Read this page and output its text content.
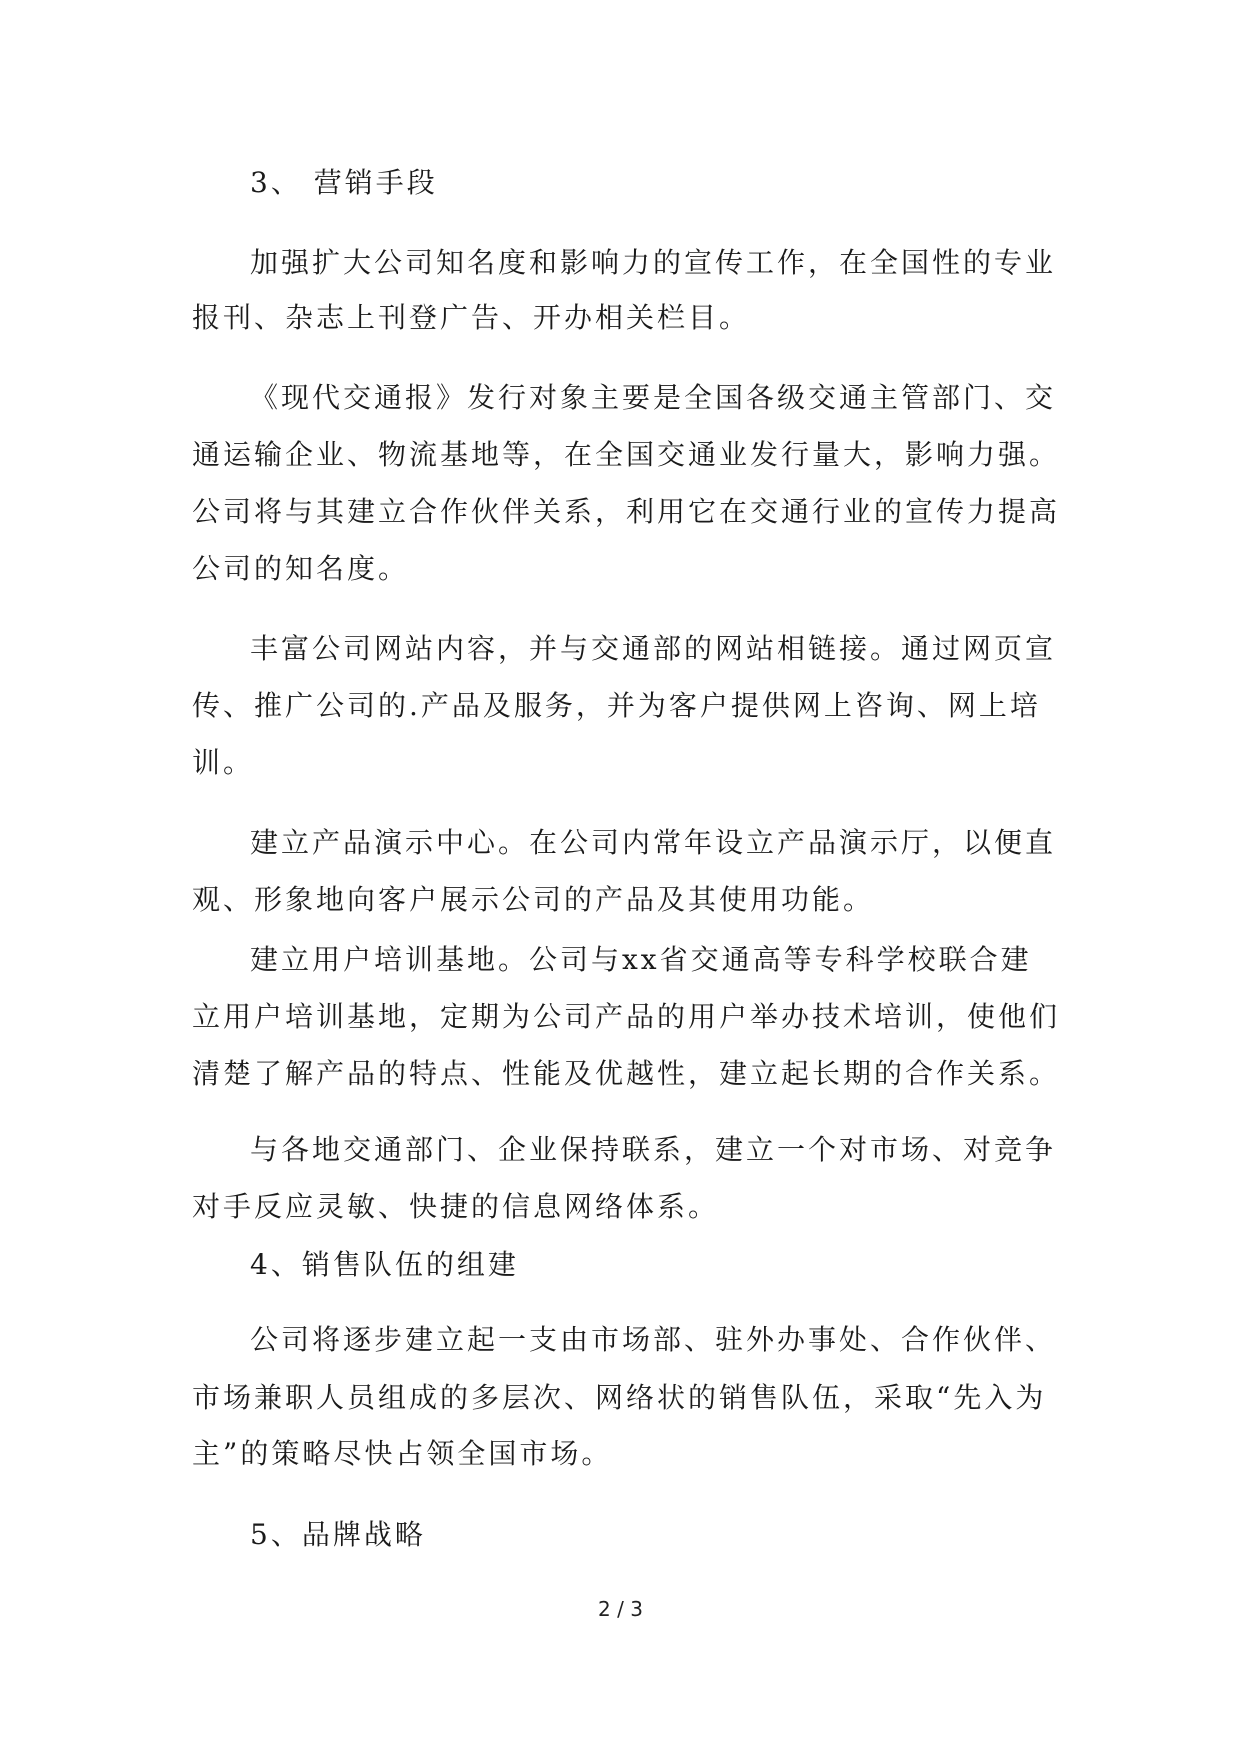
3、 营销手段
加强扩大公司知名度和影响力的宣传工作，在全国性的专业
报刊、杂志上刊登广告、开办相关栏目。
《现代交通报》发行对象主要是全国各级交通主管部门、交
通运输企业、物流基地等，在全国交通业发行量大，影响力强。
公司将与其建立合作伙伴关系，利用它在交通行业的宣传力提高
公司的知名度。
丰富公司网站内容，并与交通部的网站相链接。通过网页宣
传、推广公司的.产品及服务，并为客户提供网上咨询、网上培
训。
建立产品演示中心。在公司内常年设立产品演示厅，以便直
观、形象地向客户展示公司的产品及其使用功能。
建立用户培训基地。公司与xx省交通高等专科学校联合建
立用户培训基地，定期为公司产品的用户举办技术培训，使他们
清楚了解产品的特点、性能及优越性，建立起长期的合作关系。
与各地交通部门、企业保持联系，建立一个对市场、对竞争
对手反应灵敏、快捷的信息网络体系。
4、销售队伍的组建
公司将逐步建立起一支由市场部、驻外办事处、合作伙伴、
市场兼职人员组成的多层次、网络状的销售队伍，采取“先入为
主”的策略尽快占领全国市场。
5、品牌战略
2 / 3
